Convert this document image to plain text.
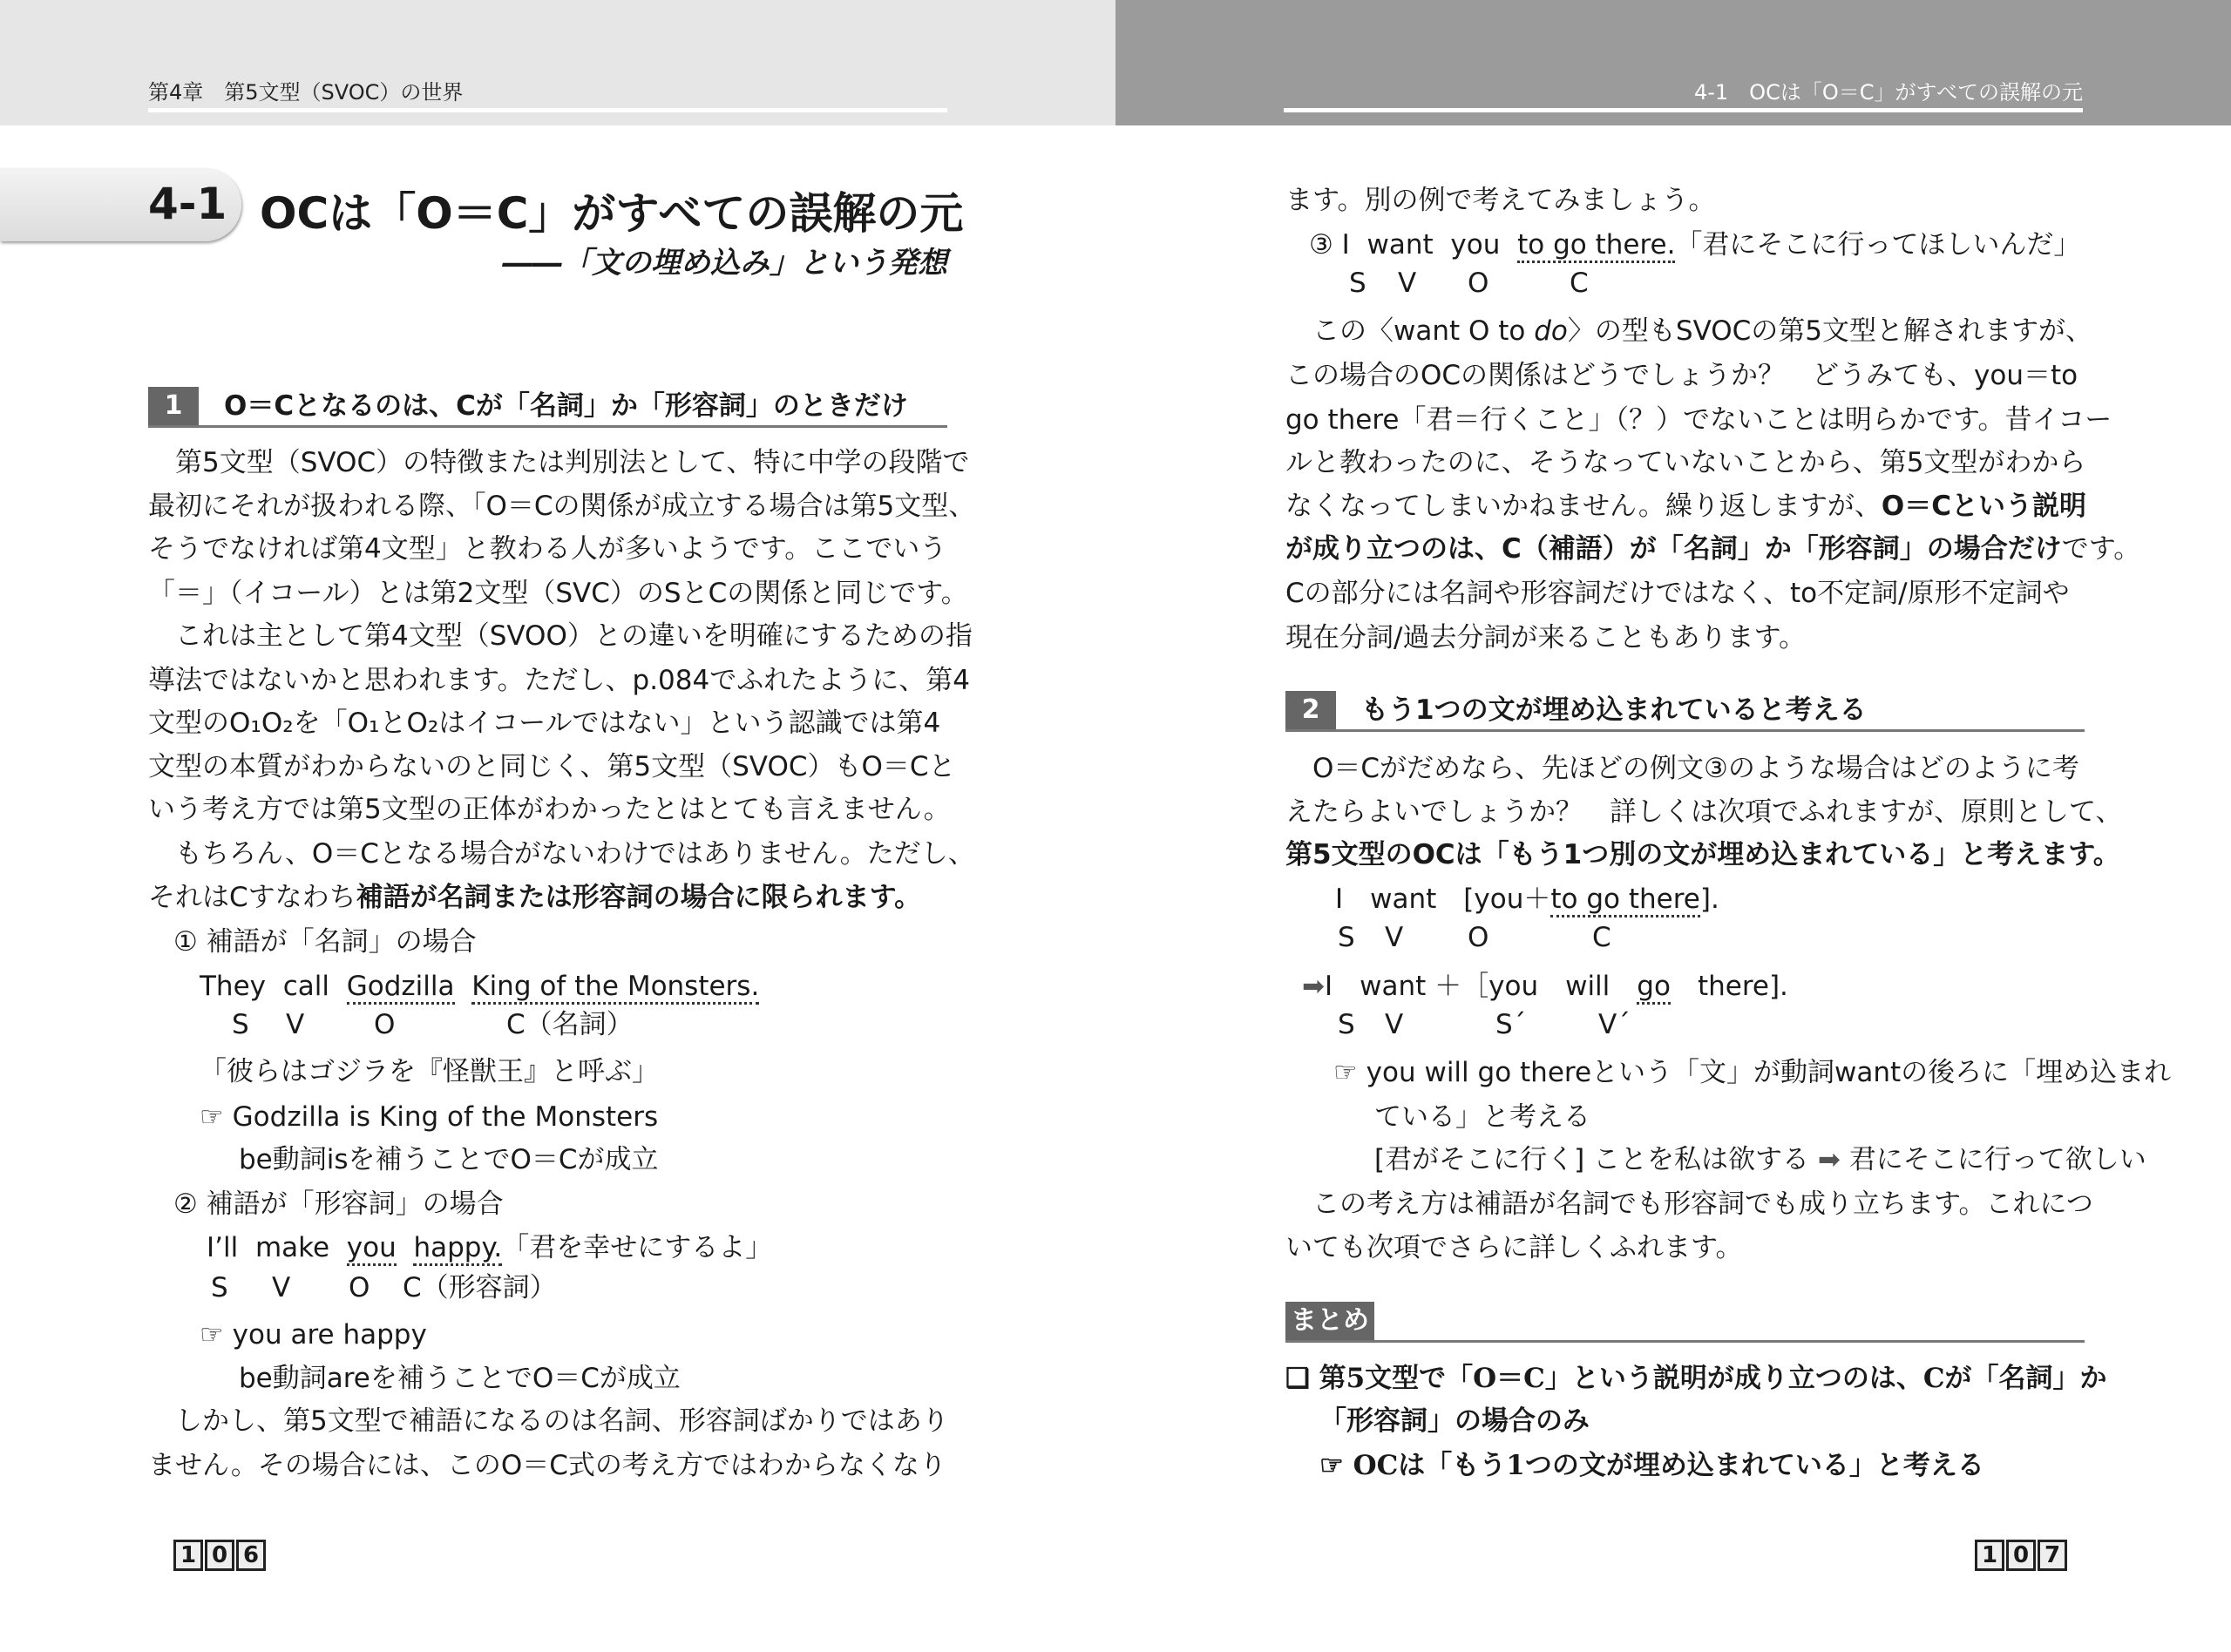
第4章　第5文型（SVOC）の世界	4-1　OCは「O＝C」がすべての誤解の元
4-1 OCは「O＝C」がすべての誤解の元
――「文の埋め込み」という発想
1	O＝Cとなるのは、Cが「名詞」か「形容詞」のときだけ
　第5文型（SVOC）の特徴または判別法として、特に中学の段階で
最初にそれが扱われる際、「O＝Cの関係が成立する場合は第5文型、
そうでなければ第4文型」と教わる人が多いようです。ここでいう
「＝」（イコール）とは第2文型（SVC）のSとCの関係と同じです。
　これは主として第4文型（SVOO）との違いを明確にするための指
導法ではないかと思われます。ただし、p.084でふれたように、第4
文型のO₁O₂を「O₁とO₂はイコールではない」という認識では第4
文型の本質がわからないのと同じく、第5文型（SVOC）もO＝Cと
いう考え方では第5文型の正体がわかったとはとても言えません。
　もちろん、O＝Cとなる場合がないわけではありません。ただし、
それはCすなわち補語が名詞または形容詞の場合に限られます。
① 補語が「名詞」の場合
They call Godzilla King of the Monsters.
S V	O	C（名詞）
「彼らはゴジラを『怪獣王』と呼ぶ」
☞ Godzilla is King of the Monsters
be動詞isを補うことでO＝Cが成立
② 補語が「形容詞」の場合
I’ll make you happy.「君を幸せにするよ」
S V O C（形容詞）
☞ you are happy
be動詞areを補うことでO＝Cが成立
　しかし、第5文型で補語になるのは名詞、形容詞ばかりではあり
ません。その場合には、このO＝C式の考え方ではわからなくなり
1 0 6
ます。別の例で考えてみましょう。
③ I want you to go there.「君にそこに行ってほしいんだ」
S V O	C
　この〈want O to do〉の型もSVOCの第5文型と解されますが、
この場合のOCの関係はどうでしょうか？　どうみても、you＝to
go there「君＝行くこと」（？）でないことは明らかです。昔イコー
ルと教わったのに、そうなっていないことから、第5文型がわから
なくなってしまいかねません。繰り返しますが、O＝Cという説明
が成り立つのは、C（補語）が「名詞」か「形容詞」の場合だけです。
Cの部分には名詞や形容詞だけではなく、to不定詞/原形不定詞や
現在分詞/過去分詞が来ることもあります。
2	もう1つの文が埋め込まれていると考える
　O＝Cがだめなら、先ほどの例文③のような場合はどのように考
えたらよいでしょうか？　詳しくは次項でふれますが、原則として、
第5文型のOCは「もう1つ別の文が埋め込まれている」と考えます。
I　want　[you＋to go there].
S V O	C
➡I　want ＋［you　will　go　there].
S V	S´	V´
☞ you will go thereという「文」が動詞wantの後ろに「埋め込まれ
ている」と考える
[君がそこに行く] ことを私は欲する ➡ 君にそこに行って欲しい
　この考え方は補語が名詞でも形容詞でも成り立ちます。これにつ
いても次項でさらに詳しくふれます。
まとめ
❑ 第5文型で「O＝C」という説明が成り立つのは、Cが「名詞」か
「形容詞」の場合のみ
☞ OCは「もう1つの文が埋め込まれている」と考える
1 0 7
